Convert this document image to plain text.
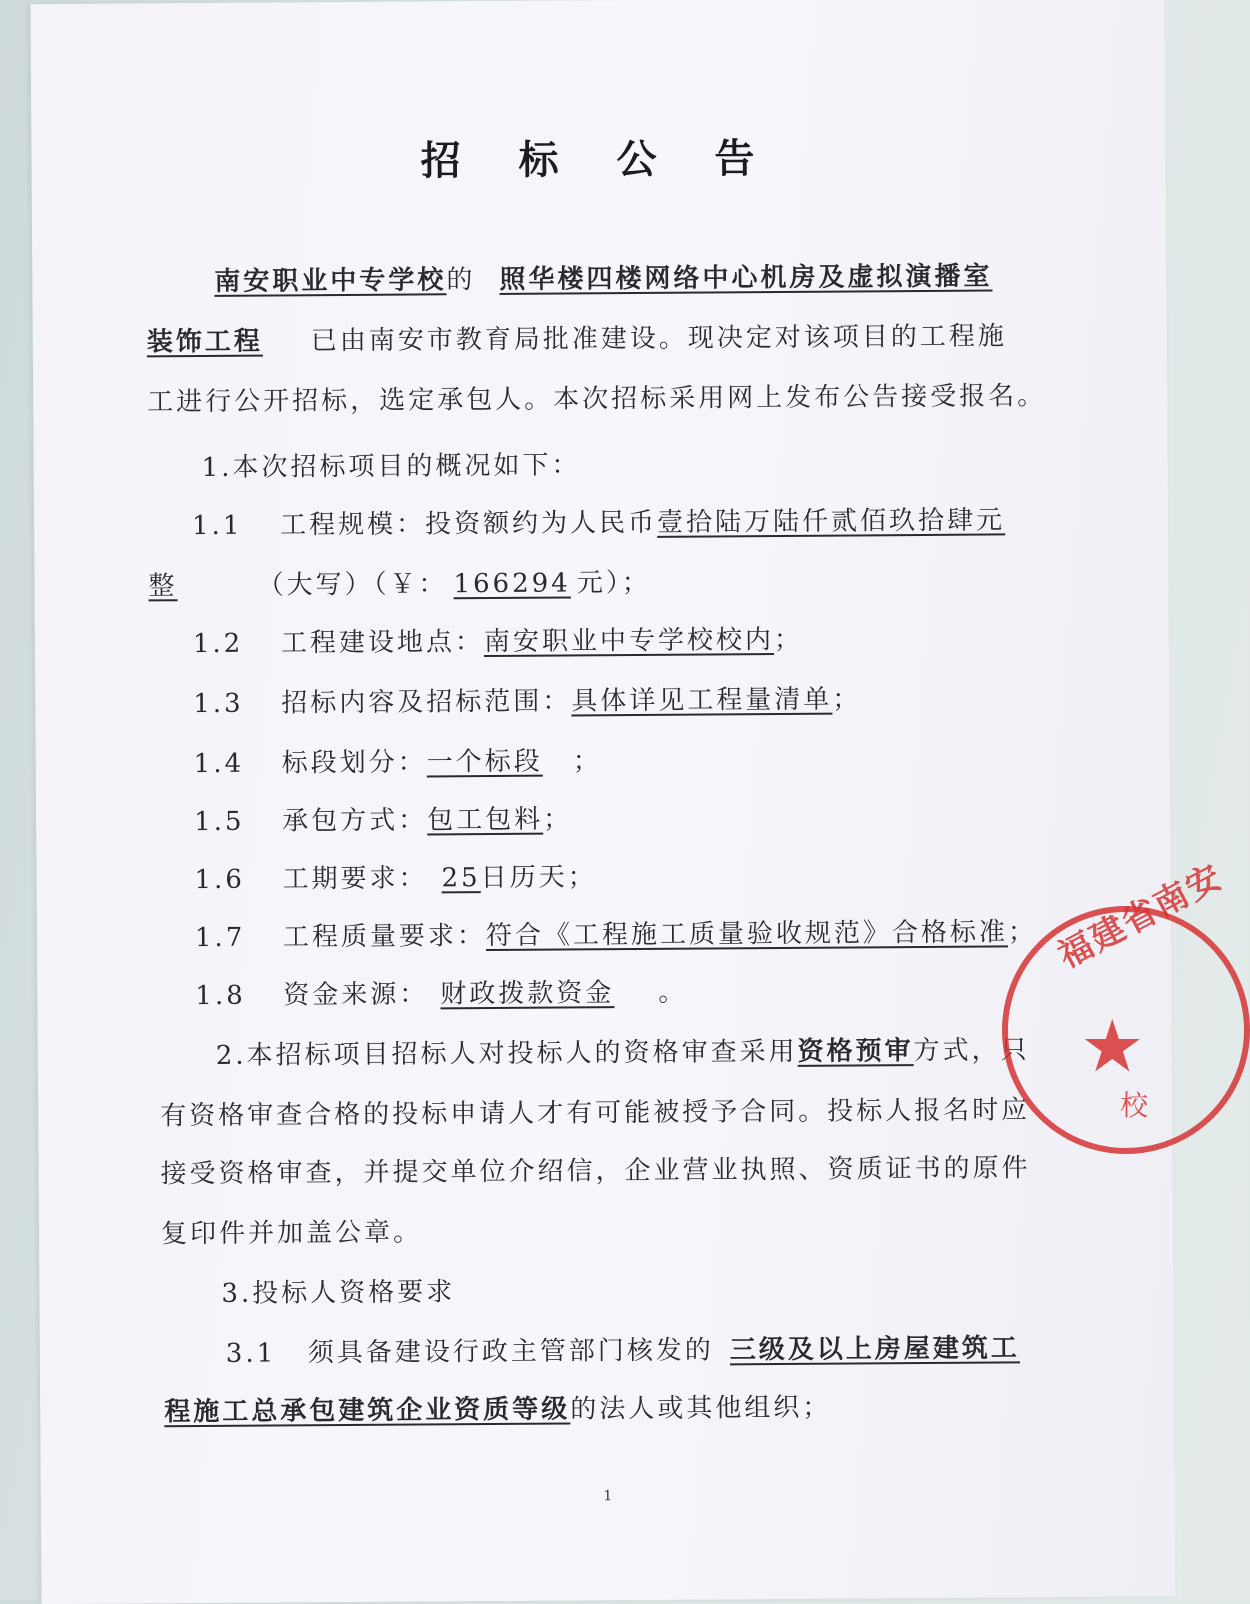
招 标 公 告
南安职业中专学校的 照华楼四楼网络中心机房及虚拟演播室
装饰工程 已由南安市教育局批准建设。现决定对该项目的工程施
工进行公开招标，选定承包人。本次招标采用网上发布公告接受报名。
1.本次招标项目的概况如下：
1.1 工程规模：投资额约为人民币壹拾陆万陆仟贰佰玖拾肆元
整	（大写）（￥： 166294 元）；
1.2 工程建设地点：南安职业中专学校校内；
1.3 招标内容及招标范围：具体详见工程量清单；
1.4 标段划分：一个标段 ；
1.5 承包方式：包工包料；
1.6 工期要求： 25日历天；
1.7 工程质量要求：符合《工程施工质量验收规范》合格标准；
1.8 资金来源： 财政拨款资金 。
2.本招标项目招标人对投标人的资格审查采用资格预审方式，只
有资格审查合格的投标申请人才有可能被授予合同。投标人报名时应
接受资格审查，并提交单位介绍信，企业营业执照、资质证书的原件
复印件并加盖公章。
3.投标人资格要求
3.1 须具备建设行政主管部门核发的 三级及以上房屋建筑工
程施工总承包建筑企业资质等级的法人或其他组织；
1
福建省南安
★
校
